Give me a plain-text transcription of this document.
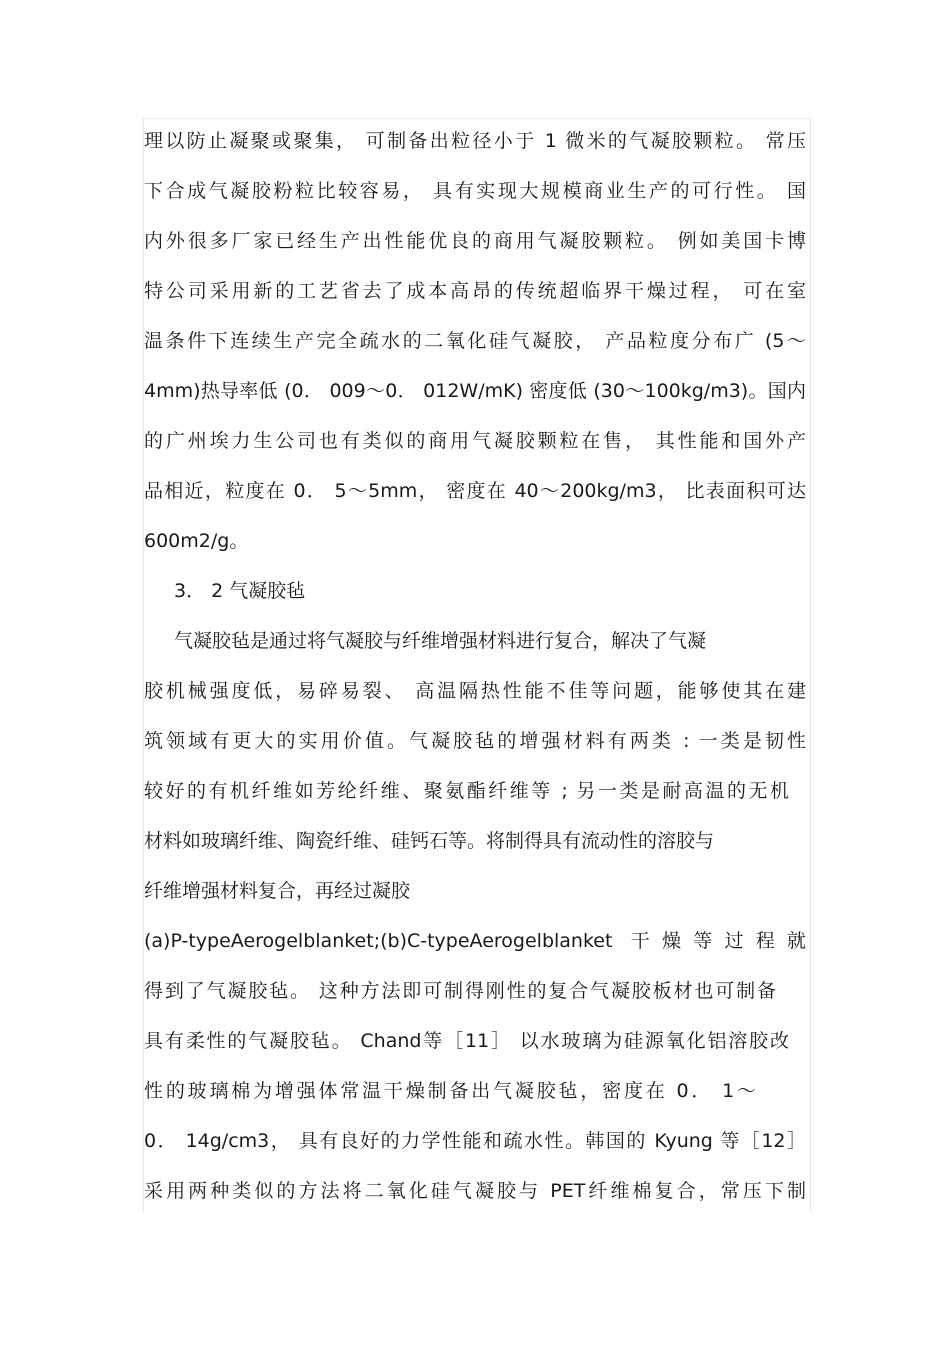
理以防止凝聚或聚集， 可制备出粒径小于 1 微米的气凝胶颗粒。 常压
下合成气凝胶粉粒比较容易， 具有实现大规模商业生产的可行性。 国
内外很多厂家已经生产出性能优良的商用气凝胶颗粒。 例如美国卡博
特公司采用新的工艺省去了成本高昂的传统超临界干燥过程， 可在室
温条件下连续生产完全疏水的二氧化硅气凝胶， 产品粒度分布广 (5～
4mm)热导率低 (0． 009～0． 012W/mK) 密度低 (30～100kg/m3)。国内
的广州埃力生公司也有类似的商用气凝胶颗粒在售， 其性能和国外产
品相近，粒度在 0． 5～5mm， 密度在 40～200kg/m3， 比表面积可达
600m2/g。
3． 2 气凝胶毡
气凝胶毡是通过将气凝胶与纤维增强材料进行复合，解决了气凝
胶机械强度低，易碎易裂、 高温隔热性能不佳等问题，能够使其在建
筑领域有更大的实用价值。气凝胶毡的增强材料有两类 : 一类是韧性
较好的有机纤维如芳纶纤维、聚氨酯纤维等 ; 另一类是耐高温的无机
材料如玻璃纤维、陶瓷纤维、硅钙石等。将制得具有流动性的溶胶与
纤维增强材料复合，再经过凝胶
(a)P-typeAerogelblanket;(b)C-typeAerogelblanket 干燥等过程就
得到了气凝胶毡。 这种方法即可制得刚性的复合气凝胶板材也可制备
具有柔性的气凝胶毡。 Chand等［11］ 以水玻璃为硅源氧化铝溶胶改
性的玻璃棉为增强体常温干燥制备出气凝胶毡，密度在 0． 1～
0． 14g/cm3， 具有良好的力学性能和疏水性。韩国的 Kyung 等［12］
采用两种类似的方法将二氧化硅气凝胶与 PET纤维棉复合，常压下制
